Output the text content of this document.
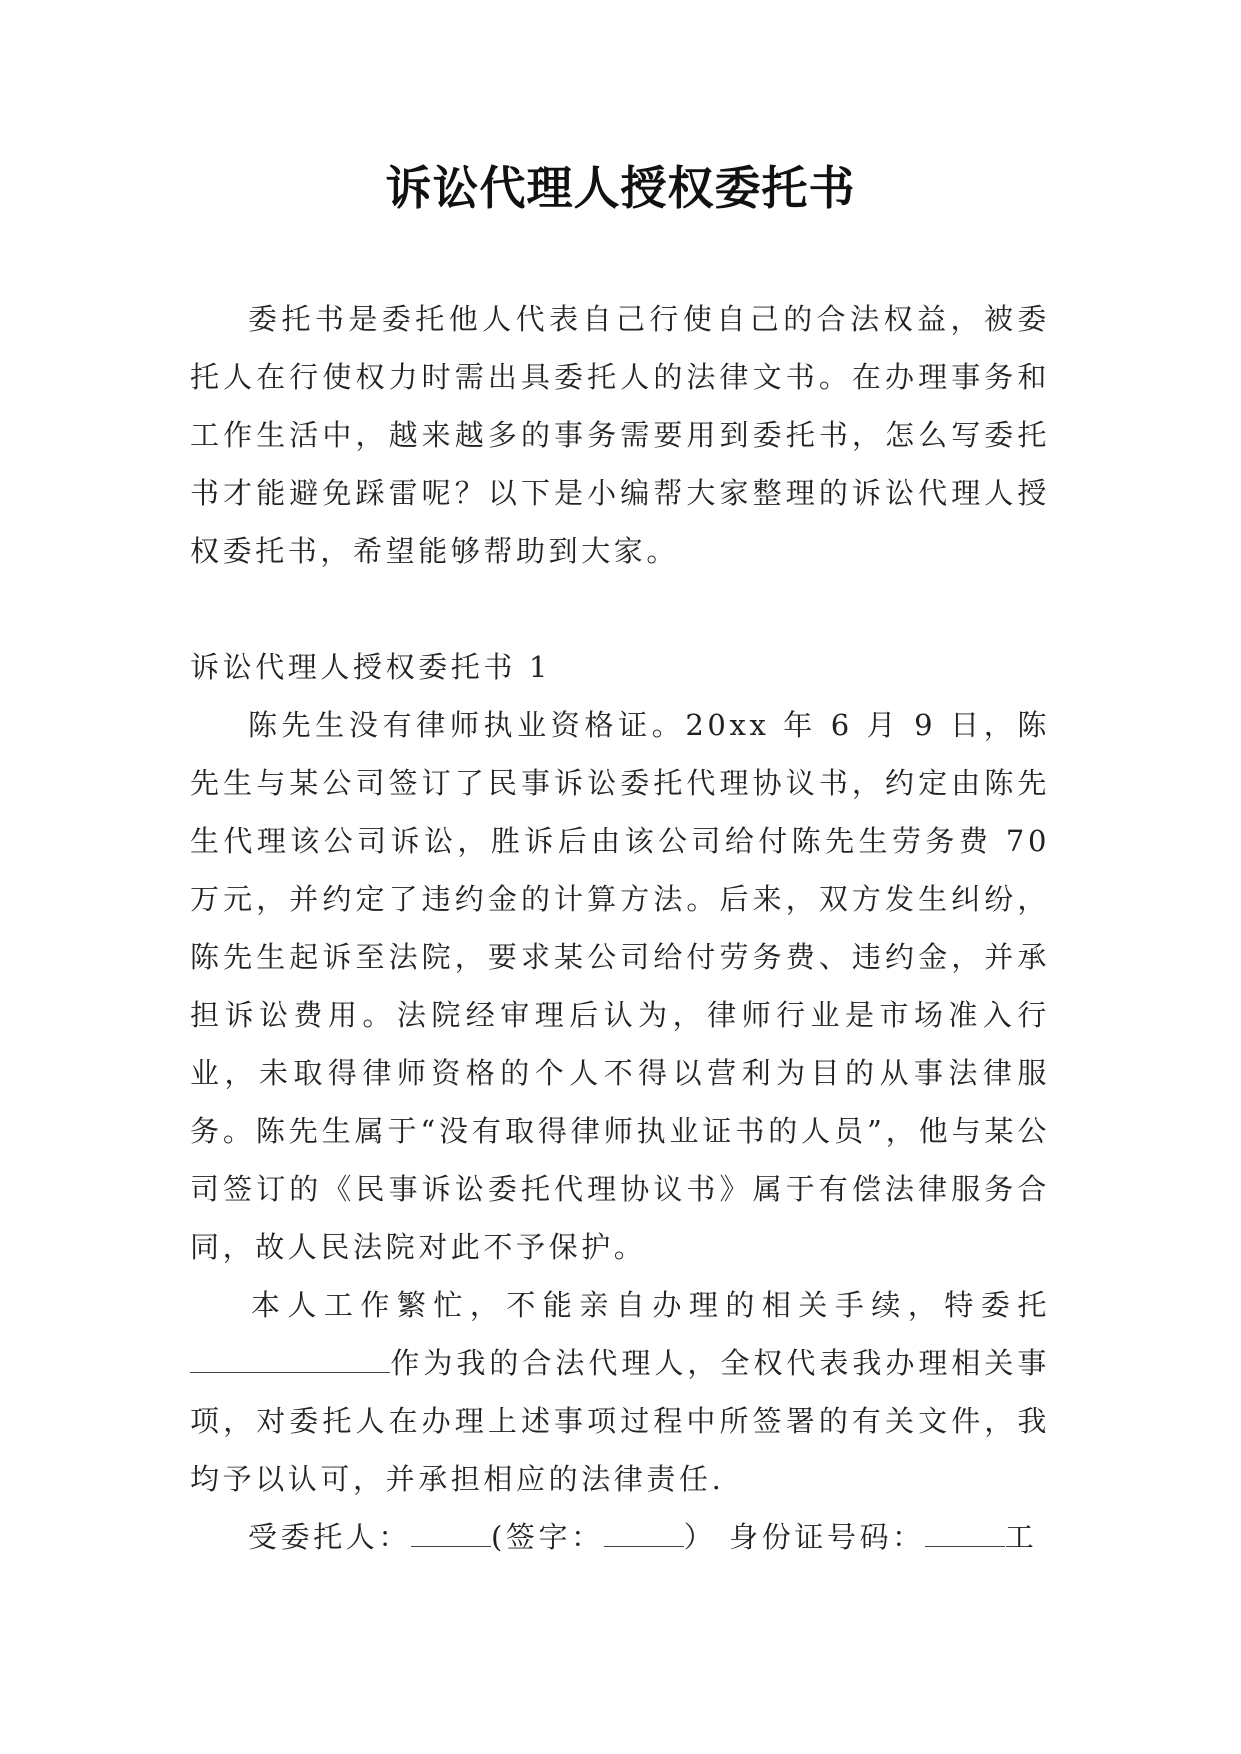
诉讼代理人授权委托书

委托书是委托他人代表自己行使自己的合法权益，被委托人在行使权力时需出具委托人的法律文书。在办理事务和工作生活中，越来越多的事务需要用到委托书，怎么写委托书才能避免踩雷呢？以下是小编帮大家整理的诉讼代理人授权委托书，希望能够帮助到大家。

诉讼代理人授权委托书 1

陈先生没有律师执业资格证。20xx 年 6 月 9 日，陈先生与某公司签订了民事诉讼委托代理协议书，约定由陈先生代理该公司诉讼，胜诉后由该公司给付陈先生劳务费 70 万元，并约定了违约金的计算方法。后来，双方发生纠纷，陈先生起诉至法院，要求某公司给付劳务费、违约金，并承担诉讼费用。法院经审理后认为，律师行业是市场准入行业，未取得律师资格的个人不得以营利为目的从事法律服务。陈先生属于“没有取得律师执业证书的人员”，他与某公司签订的《民事诉讼委托代理协议书》属于有偿法律服务合同，故人民法院对此不予保护。

本人工作繁忙，不能亲自办理的相关手续，特委托作为我的合法代理人，全权代表我办理相关事项，对委托人在办理上述事项过程中所签署的有关文件，我均予以认可，并承担相应的法律责任.

受委托人：	(签字：	） 身份证号码：	工
